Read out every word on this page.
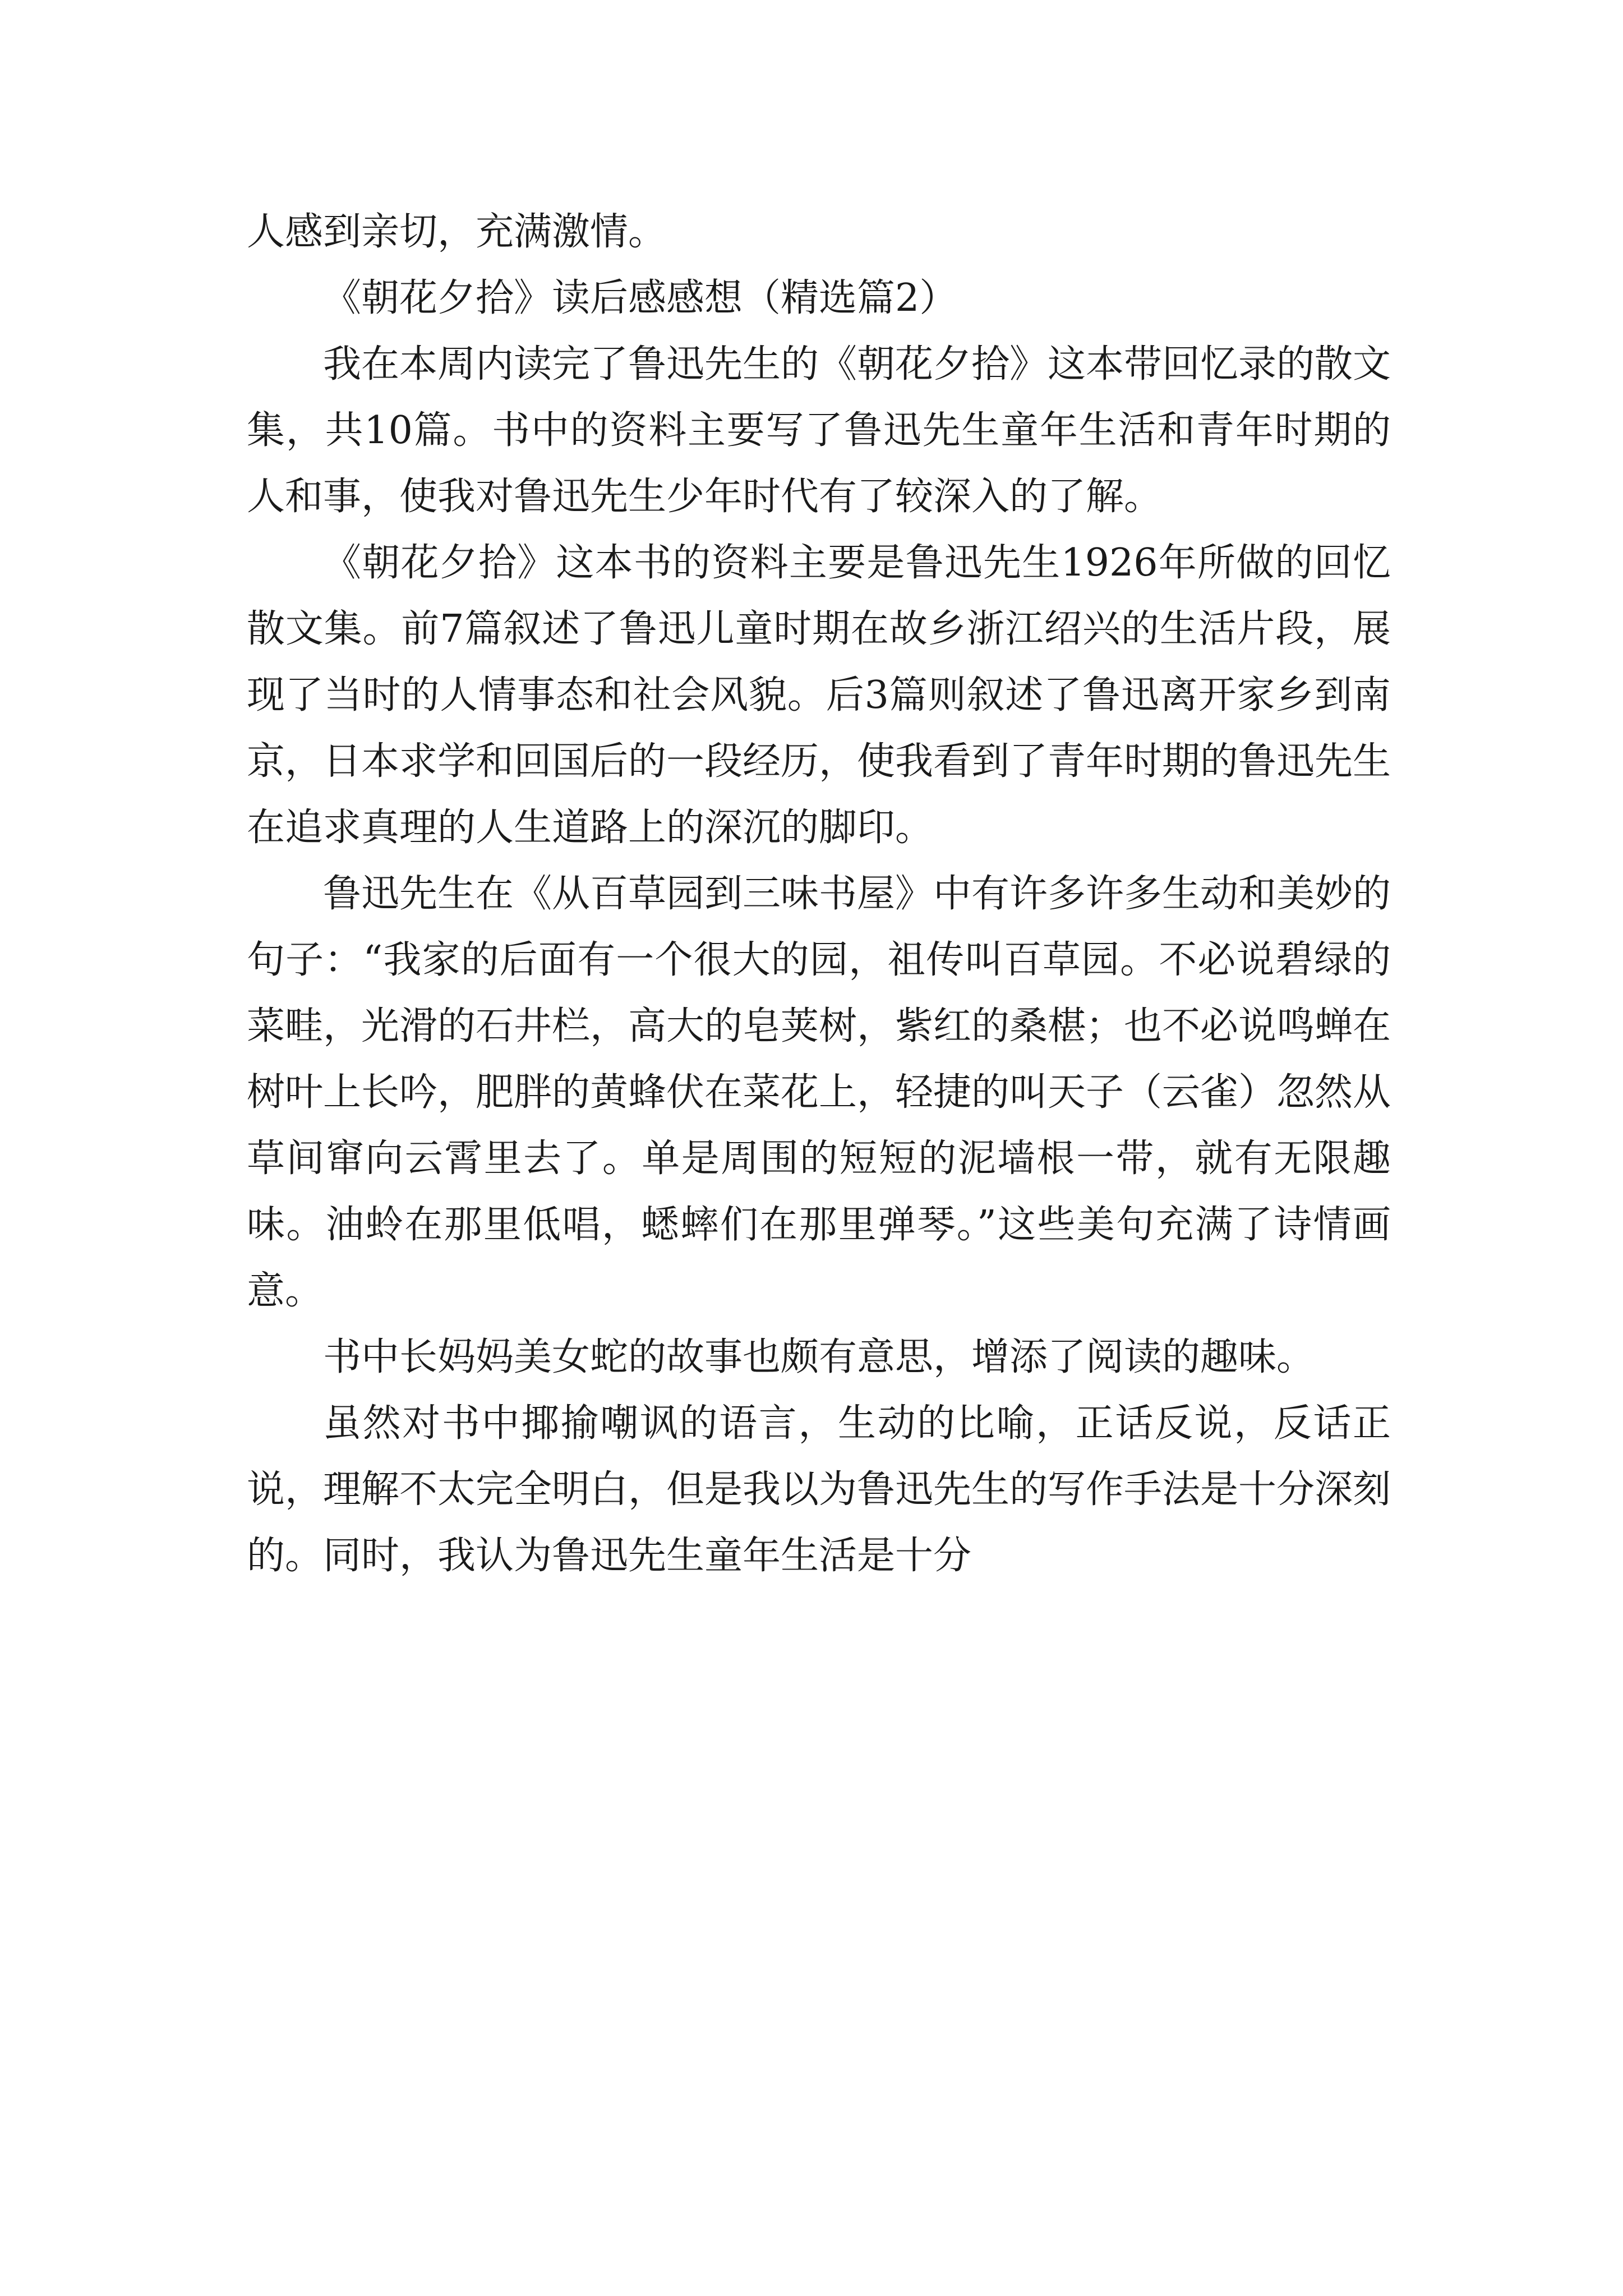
人感到亲切，充满激情。

《朝花夕拾》读后感感想（精选篇2）

我在本周内读完了鲁迅先生的《朝花夕拾》这本带回忆录的散文集，共10篇。书中的资料主要写了鲁迅先生童年生活和青年时期的人和事，使我对鲁迅先生少年时代有了较深入的了解。

《朝花夕拾》这本书的资料主要是鲁迅先生1926年所做的回忆散文集。前7篇叙述了鲁迅儿童时期在故乡浙江绍兴的生活片段，展现了当时的人情事态和社会风貌。后3篇则叙述了鲁迅离开家乡到南京，日本求学和回国后的一段经历，使我看到了青年时期的鲁迅先生在追求真理的人生道路上的深沉的脚印。

鲁迅先生在《从百草园到三味书屋》中有许多许多生动和美妙的句子：“我家的后面有一个很大的园，祖传叫百草园。不必说碧绿的菜畦，光滑的石井栏，高大的皂荚树，紫红的桑椹；也不必说鸣蝉在树叶上长吟，肥胖的黄蜂伏在菜花上，轻捷的叫天子（云雀）忽然从草间窜向云霄里去了。单是周围的短短的泥墙根一带，就有无限趣味。油蛉在那里低唱，蟋蟀们在那里弹琴。”这些美句充满了诗情画意。

书中长妈妈美女蛇的故事也颇有意思，增添了阅读的趣味。

虽然对书中揶揄嘲讽的语言，生动的比喻，正话反说，反话正说，理解不太完全明白，但是我以为鲁迅先生的写作手法是十分深刻的。同时，我认为鲁迅先生童年生活是十分
